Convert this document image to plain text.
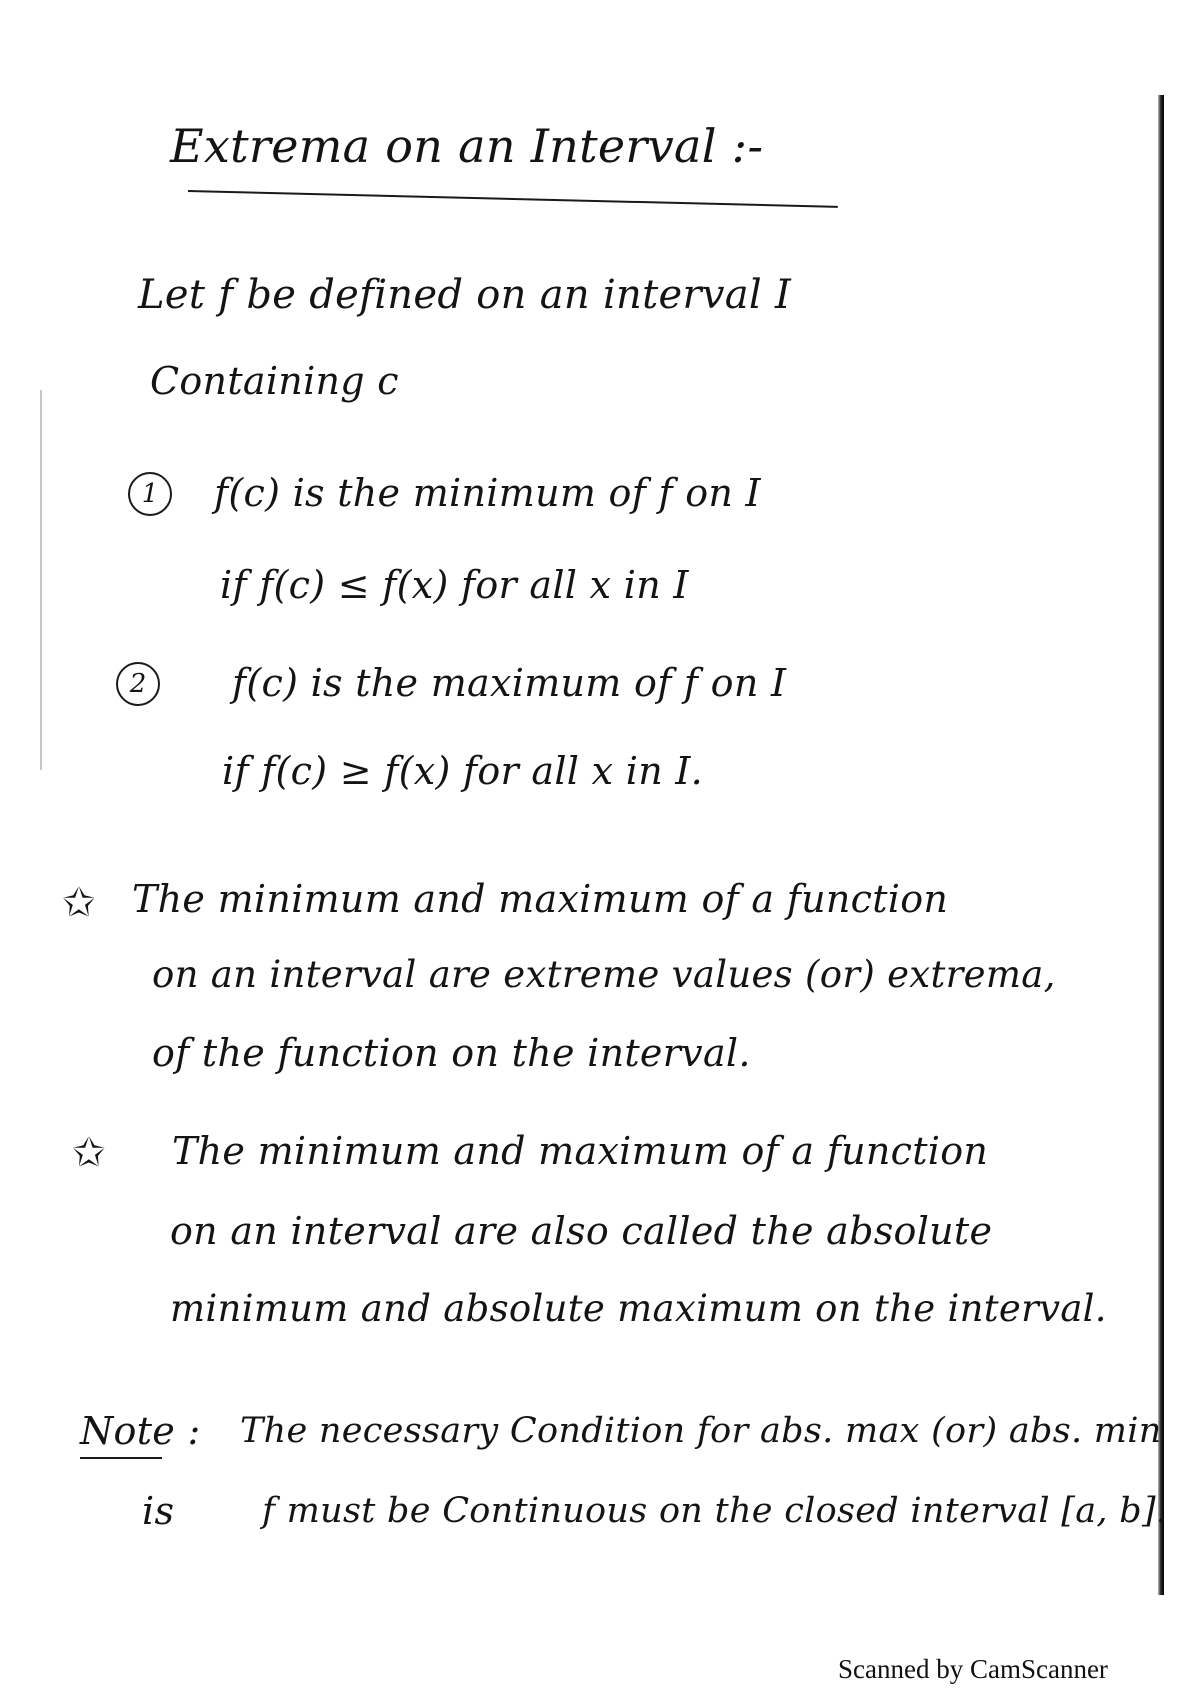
Extrema on an Interval :-
Let f be defined on an interval I
Containing c
1	f(c) is the minimum of f on I
if f(c) ≤ f(x) for all x in I
2	f(c) is the maximum of f on I
if f(c) ≥ f(x) for all x in I.
✩ The minimum and maximum of a function
on an interval are extreme values (or) extrema,
of the function on the interval.
✩ The minimum and maximum of a function
on an interval are also called the absolute
minimum and absolute maximum on the interval.
Note : The necessary Condition for abs. max (or) abs. min
is	f must be Continuous on the closed interval [a, b].
Scanned by CamScanner
